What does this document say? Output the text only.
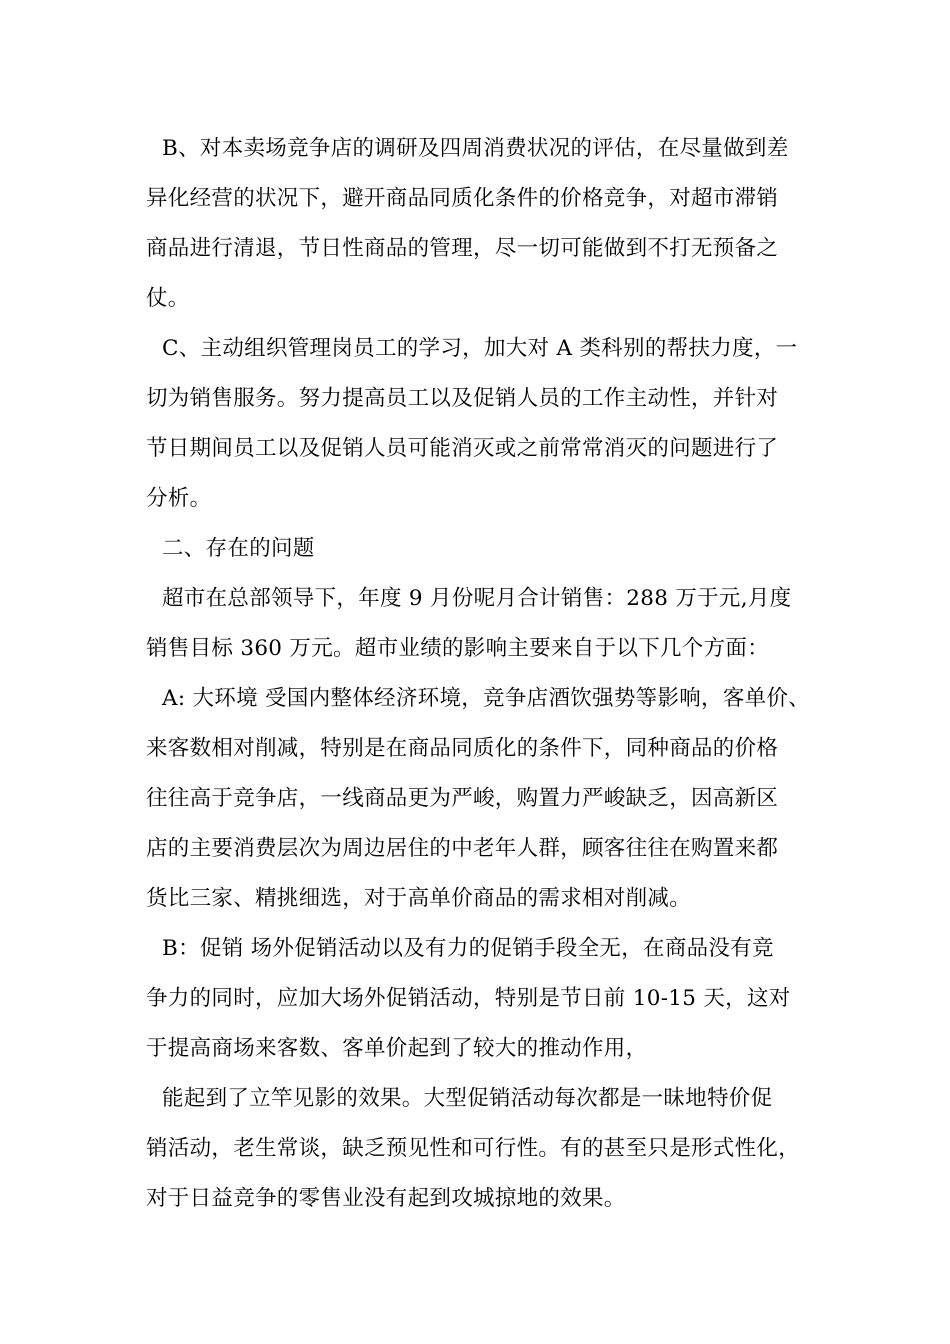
B、对本卖场竞争店的调研及四周消费状况的评估，在尽量做到差
异化经营的状况下，避开商品同质化条件的价格竞争，对超市滞销
商品进行清退，节日性商品的管理，尽一切可能做到不打无预备之
仗。
C、主动组织管理岗员工的学习，加大对 A 类科别的帮扶力度，一
切为销售服务。努力提高员工以及促销人员的工作主动性，并针对
节日期间员工以及促销人员可能消灭或之前常常消灭的问题进行了
分析。
二、存在的问题
超市在总部领导下，年度 9 月份呢月合计销售：288 万于元,月度
销售目标 360 万元。超市业绩的影响主要来自于以下几个方面：
A: 大环境 受国内整体经济环境，竞争店酒饮强势等影响，客单价、
来客数相对削减，特别是在商品同质化的条件下，同种商品的价格
往往高于竞争店，一线商品更为严峻，购置力严峻缺乏，因高新区
店的主要消费层次为周边居住的中老年人群，顾客往往在购置来都
货比三家、精挑细选，对于高单价商品的需求相对削减。
B：促销 场外促销活动以及有力的促销手段全无，在商品没有竞
争力的同时，应加大场外促销活动，特别是节日前 10-15 天，这对
于提高商场来客数、客单价起到了较大的推动作用，
能起到了立竿见影的效果。大型促销活动每次都是一昧地特价促
销活动，老生常谈，缺乏预见性和可行性。有的甚至只是形式性化，
对于日益竞争的零售业没有起到攻城掠地的效果。
